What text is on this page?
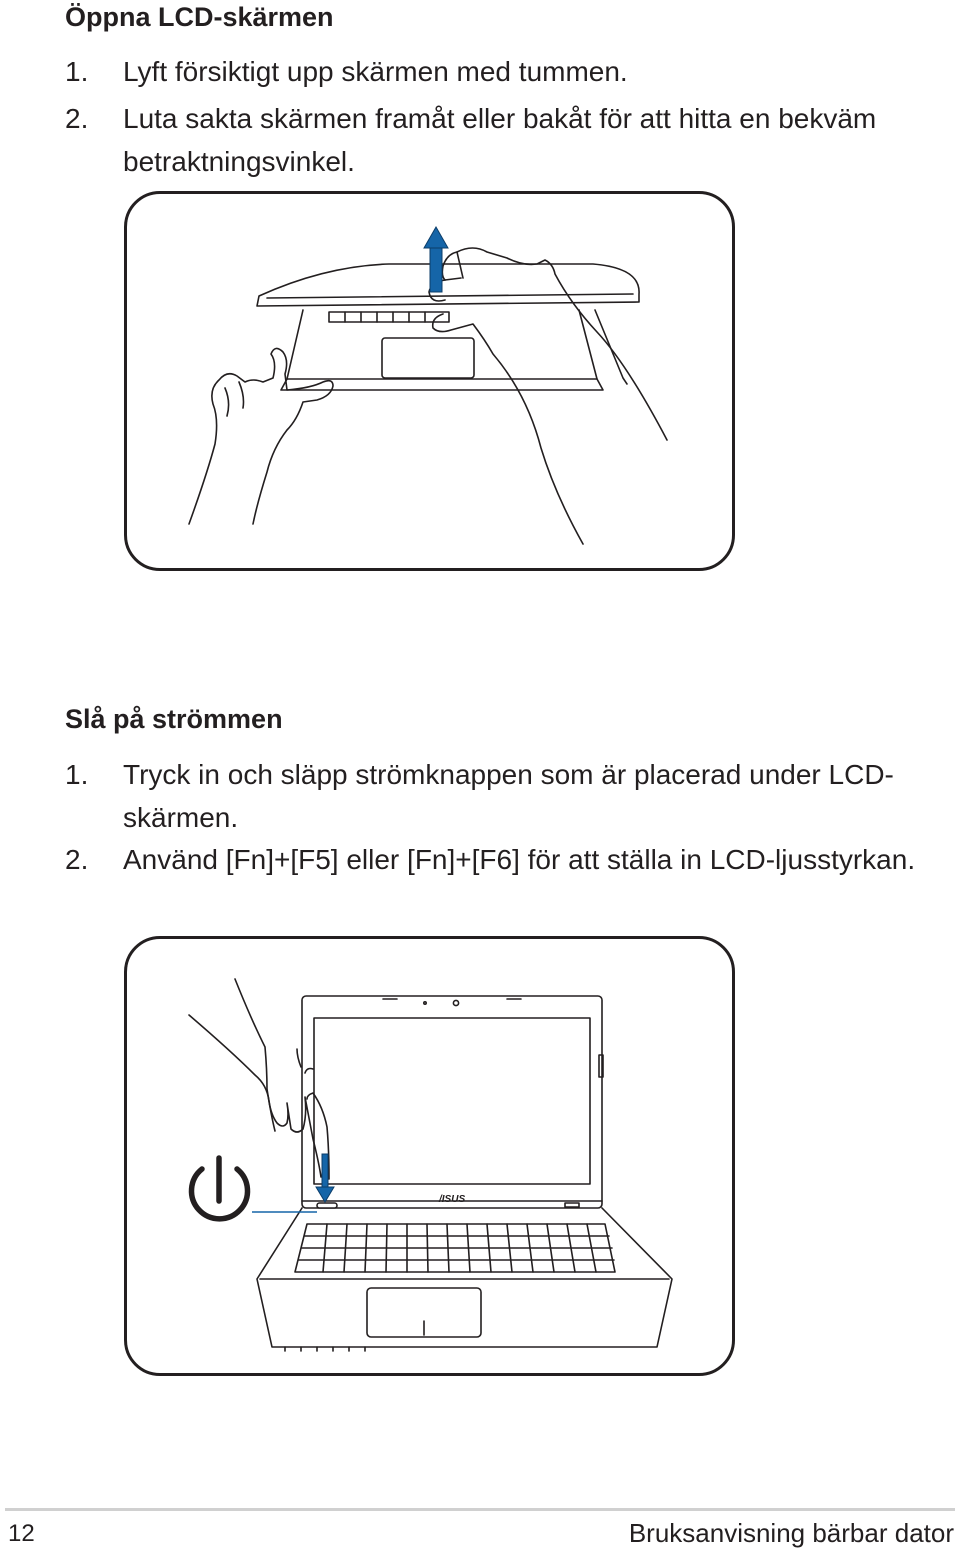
Öppna LCD-skärmen
1.	Lyft försiktigt upp skärmen med tummen.
2.	Luta sakta skärmen framåt eller bakåt för att hitta en bekväm betraktningsvinkel.
Slå på strömmen
1.	Tryck in och släpp strömknappen som är placerad under LCD-skärmen.
2.	Använd [Fn]+[F5] eller [Fn]+[F6] för att ställa in LCD-ljusstyrkan.
/ISUS
12	Bruksanvisning bärbar dator
